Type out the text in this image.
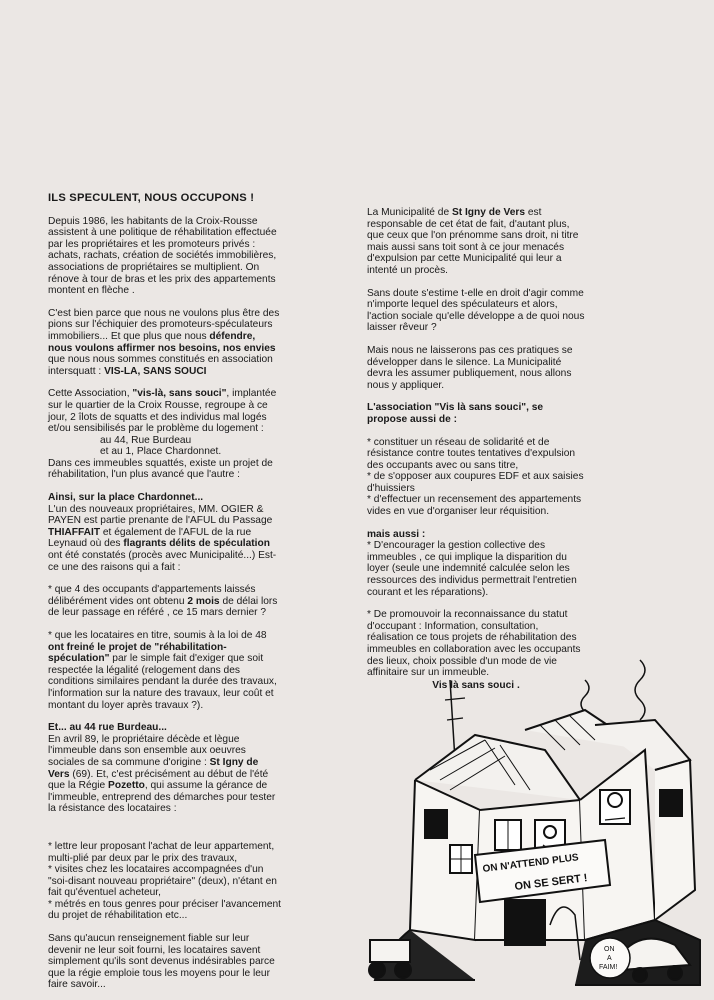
ILS SPECULENT, NOUS OCCUPONS !

Depuis 1986, les habitants de la Croix-Rousse assistent à une politique de réhabilitation effectuée par les propriétaires et les promoteurs privés : achats, rachats, création de sociétés immobilières, associations de propriétaires se multiplient. On rénove à tour de bras et les prix des appartements montent en flèche .

C'est bien parce que nous ne voulons plus être des pions sur l'échiquier des promoteurs-spéculateurs immobiliers... Et que plus que nous défendre, nous voulons affirmer nos besoins, nos envies que nous nous sommes constitués en association intersquatt : VIS-LA, SANS SOUCI

Cette Association, "vis-là, sans souci", implantée sur le quartier de la Croix Rousse, regroupe à ce jour, 2 îlots de squatts et des individus mal logés et/ou sensibilisés par le problème du logement :

au 44, Rue Burdeau

et au 1, Place Chardonnet.

Dans ces immeubles squattés, existe un projet de réhabilitation, l'un plus avancé que l'autre :

Ainsi, sur la place Chardonnet...

L'un des nouveaux propriétaires, MM. OGIER & PAYEN est partie prenante de l'AFUL du Passage THIAFFAIT et également de l'AFUL de la rue Leynaud où des flagrants délits de spéculation ont été constatés (procès avec Municipalité...) Est-ce une des raisons qui a fait :

* que 4 des occupants d'appartements laissés délibérément vides ont obtenu 2 mois de délai lors de leur passage en référé , ce 15 mars dernier ?

* que les locataires en titre, soumis à la loi de 48 ont freiné le projet de "réhabilitation-spéculation" par le simple fait d'exiger que soit respectée la légalité (relogement dans des conditions similaires pendant la durée des travaux, l'information sur la nature des travaux, leur coût et montant du loyer après travaux ?).

Et... au 44 rue Burdeau...

En avril 89, le propriétaire décède et lègue l'immeuble dans son ensemble aux oeuvres sociales de sa commune d'origine : St Igny de Vers (69). Et, c'est précisément au début de l'été que la Régie Pozetto, qui assume la gérance de l'immeuble, entreprend des démarches pour tester la résistance des locataires :

* lettre leur proposant l'achat de leur appartement, multi-plié par deux par le prix des travaux,

* visites chez les locataires accompagnées d'un "soi-disant nouveau propriétaire" (deux), n'étant en fait qu'éventuel acheteur,

* métrés en tous genres pour préciser l'avancement du projet de réhabilitation etc...

Sans qu'aucun renseignement fiable sur leur devenir ne leur soit fourni, les locataires savent simplement qu'ils sont devenus indésirables parce que la régie emploie tous les moyens pour le leur faire savoir...

La Municipalité de St Igny de Vers est responsable de cet état de fait, d'autant plus, que ceux que l'on prénomme sans droit, ni titre mais aussi sans toit sont à ce jour menacés d'expulsion par cette Municipalité qui leur a intenté un procès.

Sans doute s'estime t-elle en droit d'agir comme n'importe lequel des spéculateurs et alors, l'action sociale qu'elle développe a de quoi nous laisser rêveur ?

Mais nous ne laisserons pas ces pratiques se développer dans le silence. La Municipalité devra les assumer publiquement, nous allons nous y appliquer.

L'association "Vis là sans souci", se propose aussi de :

* constituer un réseau de solidarité et de résistance contre toutes tentatives d'expulsion des occupants avec ou sans titre,

* de s'opposer aux coupures EDF et aux saisies d'huissiers

* d'effectuer un recensement des appartements vides en vue d'organiser leur réquisition.

mais aussi :

* D'encourager la gestion collective des immeubles , ce qui implique la disparition du loyer (seule une indemnité calculée selon les ressources des individus permettrait l'entretien courant et les réparations).

* De promouvoir la reconnaissance du statut d'occupant : Information, consultation, réalisation ce tous projets de réhabilitation des immeubles en collaboration avec les occupants des lieux, choix possible d'un mode de vie affinitaire sur un immeuble.

Vis là sans souci .

ON N'ATTEND PLUS
ON SE SERT !
ON
A
FAIM!
